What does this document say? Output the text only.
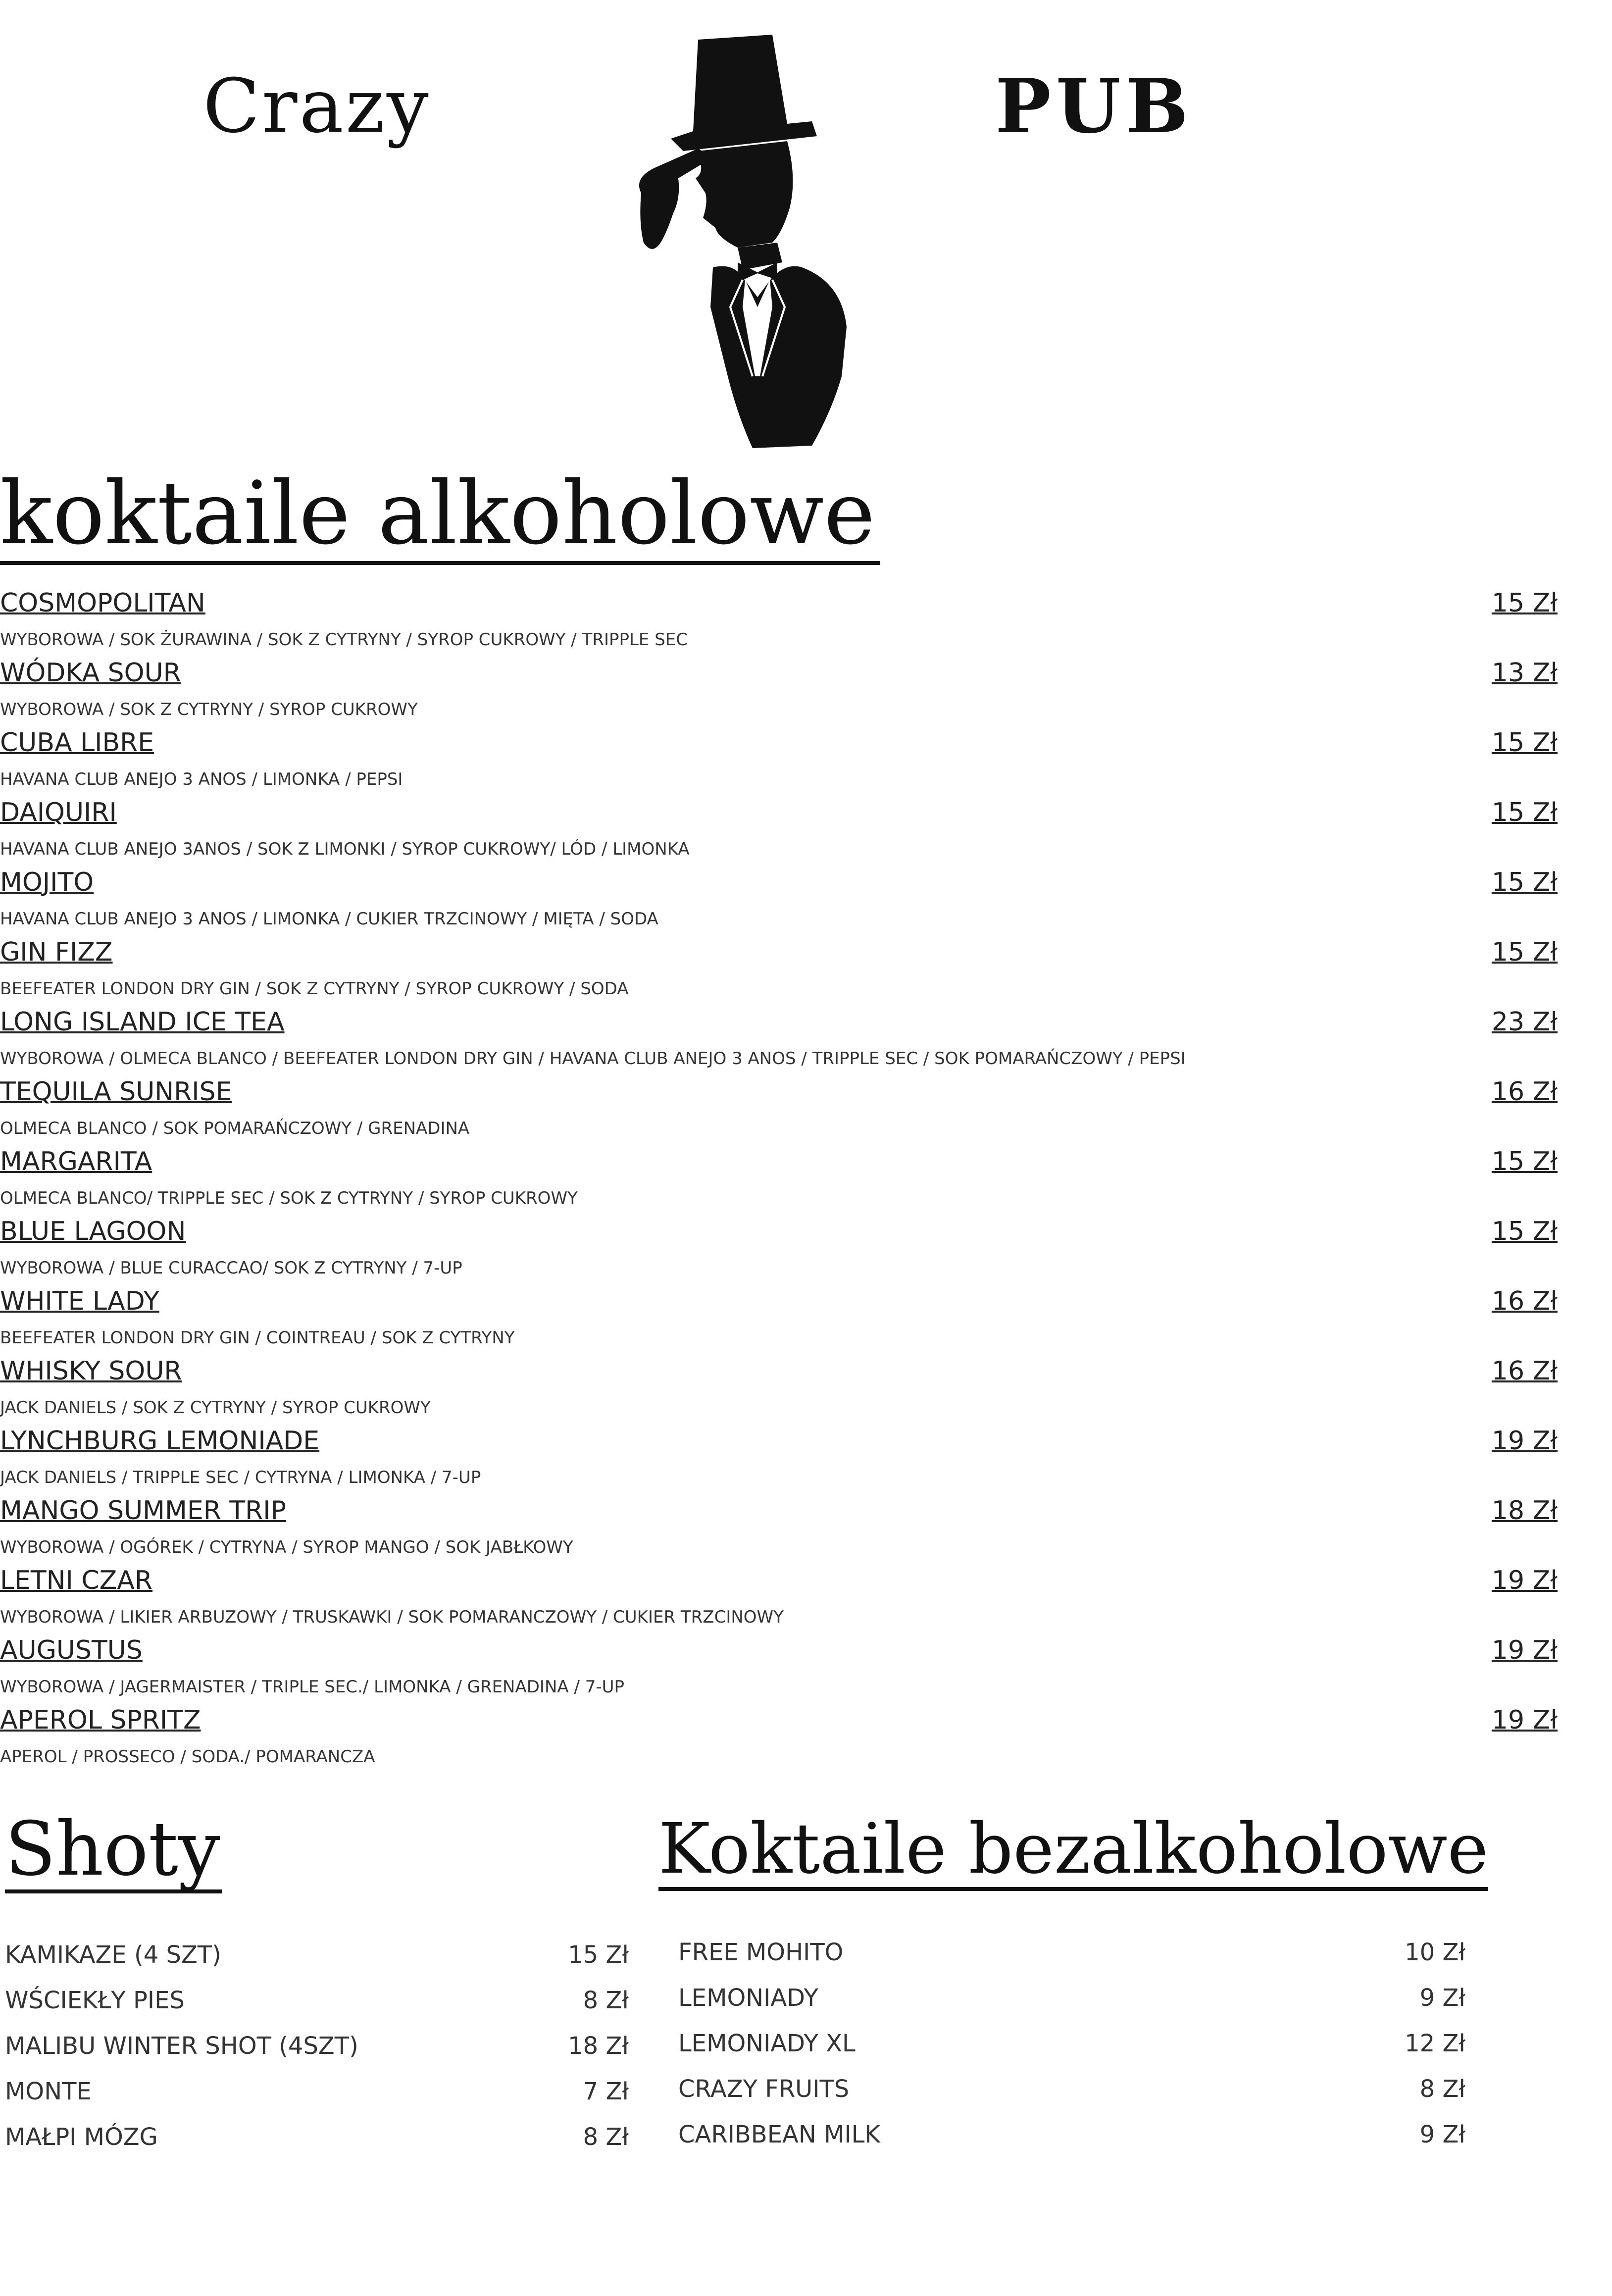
Crazy	PUB
koktaile alkoholowe
COSMOPOLITAN	15 Zł
WYBOROWA / SOK ŻURAWINA / SOK Z CYTRYNY / SYROP CUKROWY / TRIPPLE SEC
WÓDKA SOUR	13 Zł
WYBOROWA / SOK Z CYTRYNY / SYROP CUKROWY
CUBA LIBRE	15 Zł
HAVANA CLUB ANEJO 3 ANOS / LIMONKA / PEPSI
DAIQUIRI	15 Zł
HAVANA CLUB ANEJO 3ANOS / SOK Z LIMONKI / SYROP CUKROWY/ LÓD / LIMONKA
MOJITO	15 Zł
HAVANA CLUB ANEJO 3 ANOS / LIMONKA / CUKIER TRZCINOWY / MIĘTA / SODA
GIN FIZZ	15 Zł
BEEFEATER LONDON DRY GIN / SOK Z CYTRYNY / SYROP CUKROWY / SODA
LONG ISLAND ICE TEA	23 Zł
WYBOROWA / OLMECA BLANCO / BEEFEATER LONDON DRY GIN / HAVANA CLUB ANEJO 3 ANOS / TRIPPLE SEC / SOK POMARAŃCZOWY / PEPSI
TEQUILA SUNRISE	16 Zł
OLMECA BLANCO / SOK POMARAŃCZOWY / GRENADINA
MARGARITA	15 Zł
OLMECA BLANCO/ TRIPPLE SEC / SOK Z CYTRYNY / SYROP CUKROWY
BLUE LAGOON	15 Zł
WYBOROWA / BLUE CURACCAO/ SOK Z CYTRYNY / 7-UP
WHITE LADY	16 Zł
BEEFEATER LONDON DRY GIN / COINTREAU / SOK Z CYTRYNY
WHISKY SOUR	16 Zł
JACK DANIELS / SOK Z CYTRYNY / SYROP CUKROWY
LYNCHBURG LEMONIADE	19 Zł
JACK DANIELS / TRIPPLE SEC / CYTRYNA / LIMONKA / 7-UP
MANGO SUMMER TRIP	18 Zł
WYBOROWA / OGÓREK / CYTRYNA / SYROP MANGO / SOK JABŁKOWY
LETNI CZAR	19 Zł
WYBOROWA / LIKIER ARBUZOWY / TRUSKAWKI / SOK POMARANCZOWY / CUKIER TRZCINOWY
AUGUSTUS	19 Zł
WYBOROWA / JAGERMAISTER / TRIPLE SEC./ LIMONKA / GRENADINA / 7-UP
APEROL SPRITZ	19 Zł
APEROL / PROSSECO / SODA./ POMARANCZA
Shoty
KAMIKAZE (4 SZT)	15 Zł
WŚCIEKŁY PIES	8 Zł
MALIBU WINTER SHOT (4SZT)	18 Zł
MONTE	7 Zł
MAŁPI MÓZG	8 Zł
Koktaile bezalkoholowe
FREE MOHITO	10 Zł
LEMONIADY	9 Zł
LEMONIADY XL	12 Zł
CRAZY FRUITS	8 Zł
CARIBBEAN MILK	9 Zł
